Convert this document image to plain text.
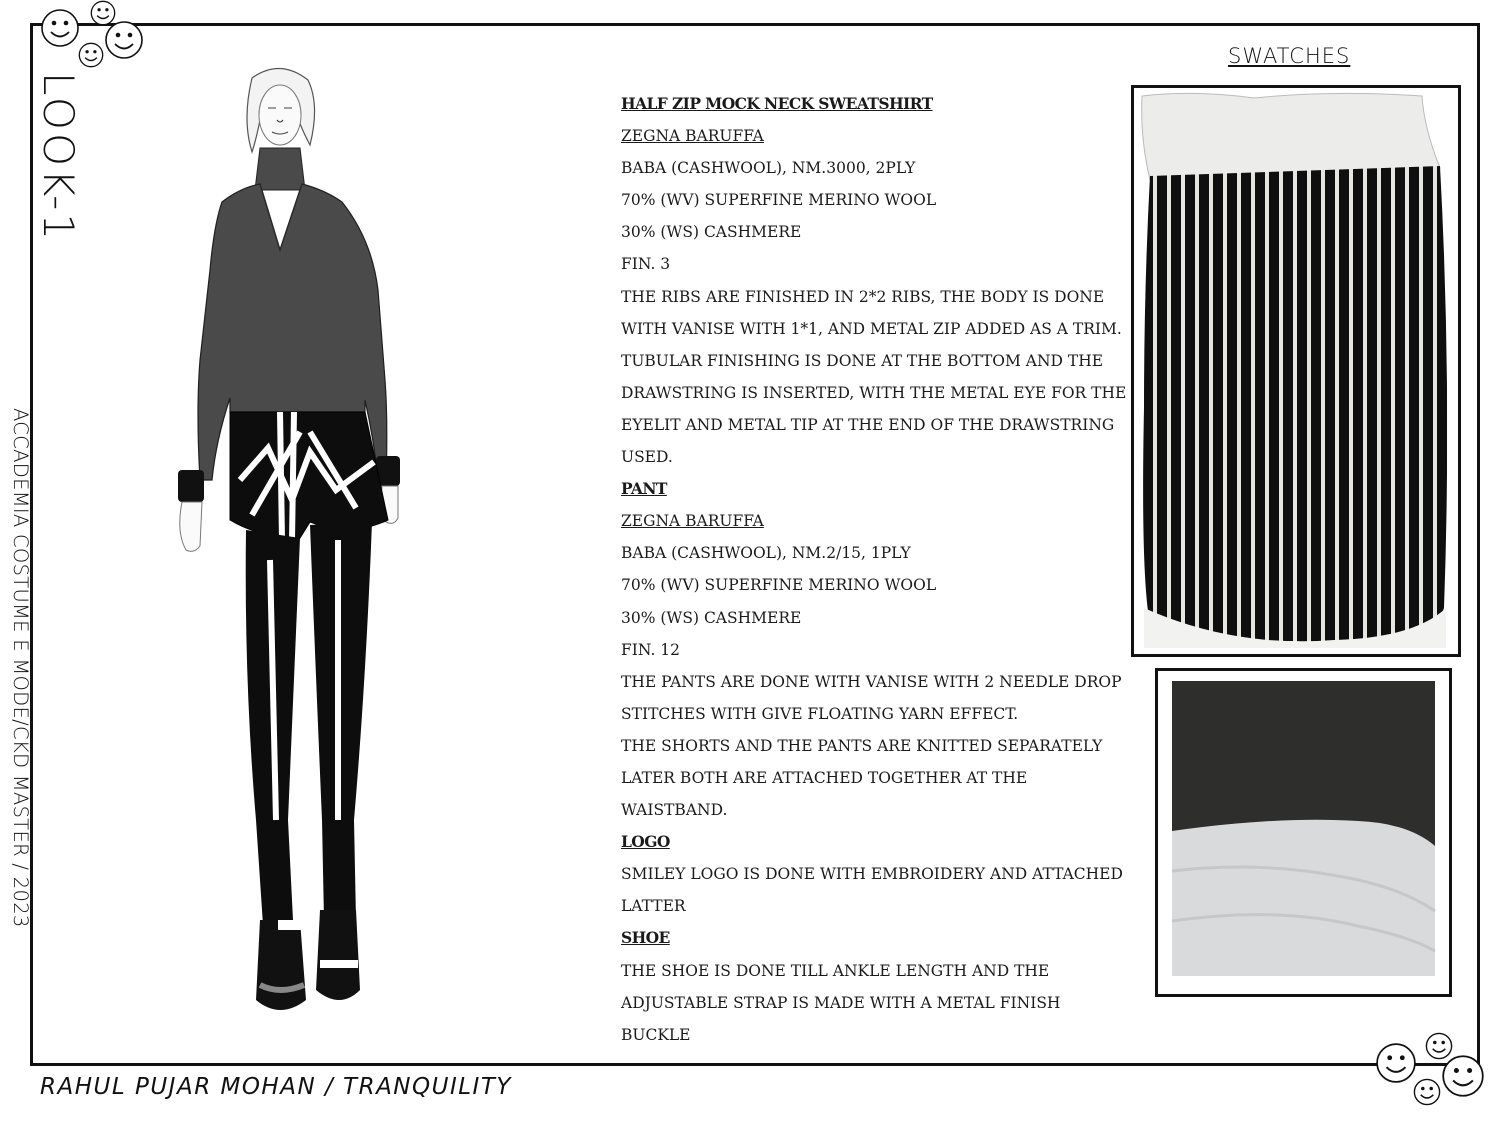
LOOK-1
ACCADEMIA COSTUME E MODE/CKD MASTER / 2023
RAHUL PUJAR MOHAN / TRANQUILITY
SWATCHES
HALF ZIP MOCK NECK SWEATSHIRT
ZEGNA BARUFFA
BABA (CASHWOOL), NM.3000, 2PLY
70% (WV) SUPERFINE MERINO WOOL
30% (WS) CASHMERE
FIN. 3
THE RIBS ARE FINISHED IN 2*2 RIBS, THE BODY IS DONE
WITH VANISE WITH 1*1, AND METAL ZIP ADDED AS A TRIM.
TUBULAR FINISHING IS DONE AT THE BOTTOM AND THE
DRAWSTRING IS INSERTED, WITH THE METAL EYE FOR THE
EYELIT AND METAL TIP AT THE END OF THE DRAWSTRING
USED.
PANT
ZEGNA BARUFFA
BABA (CASHWOOL), NM.2/15, 1PLY
70% (WV) SUPERFINE MERINO WOOL
30% (WS) CASHMERE
FIN. 12
THE PANTS ARE DONE WITH VANISE WITH 2 NEEDLE DROP
STITCHES WITH GIVE FLOATING YARN EFFECT.
THE SHORTS AND THE PANTS ARE KNITTED SEPARATELY
LATER BOTH ARE ATTACHED TOGETHER AT THE
WAISTBAND.
LOGO
SMILEY LOGO IS DONE WITH EMBROIDERY AND ATTACHED
LATTER
SHOE
THE SHOE IS DONE TILL ANKLE LENGTH AND THE
ADJUSTABLE STRAP IS MADE WITH A METAL FINISH
BUCKLE
